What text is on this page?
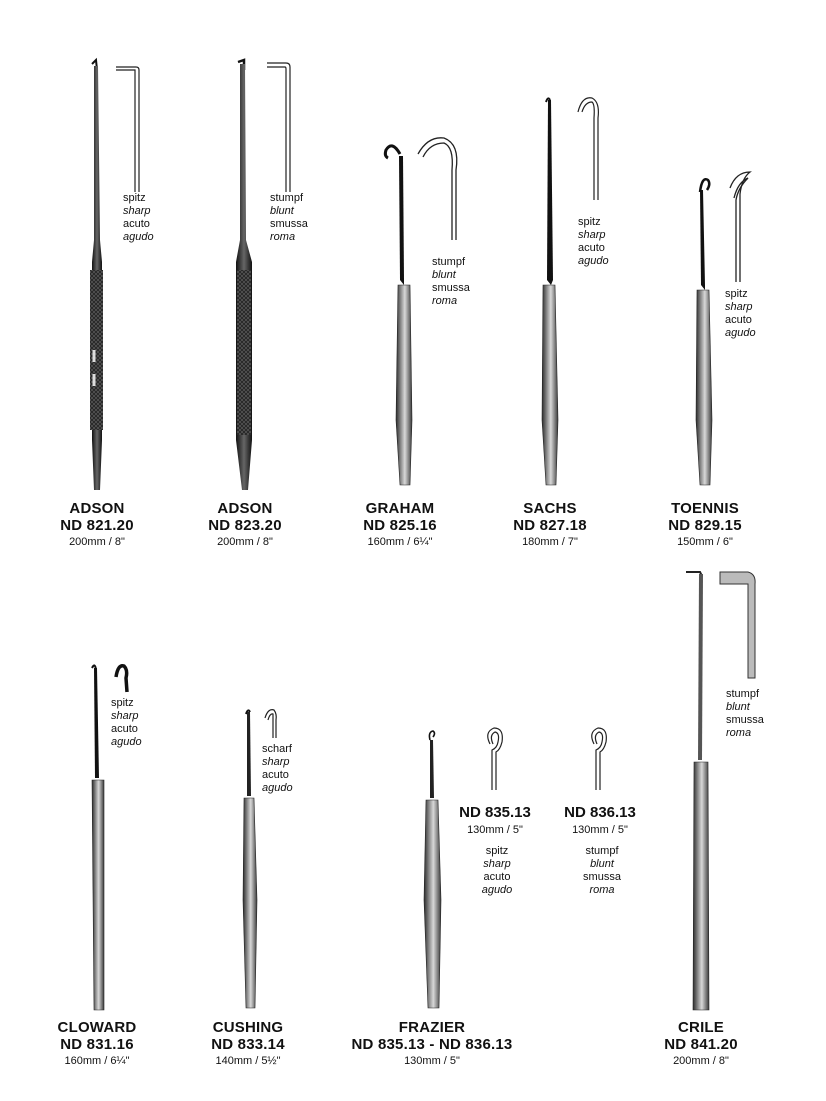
ADSON
ND 821.20
200mm / 8"
ADSON
ND 823.20
200mm / 8"
GRAHAM
ND 825.16
160mm / 6¼"
SACHS
ND 827.18
180mm / 7"
TOENNIS
ND 829.15
150mm / 6"
spitz
sharp
acuto
agudo
stumpf
blunt
smussa
roma
stumpf
blunt
smussa
roma
spitz
sharp
acuto
agudo
spitz
sharp
acuto
agudo
CLOWARD
ND 831.16
160mm / 6¼"
CUSHING
ND 833.14
140mm / 5½"
FRAZIER
ND 835.13 - ND 836.13
130mm / 5"
CRILE
ND 841.20
200mm / 8"
spitz
sharp
acuto
agudo
scharf
sharp
acuto
agudo
stumpf
blunt
smussa
roma
ND 835.13
130mm / 5"
spitz
sharp
acuto
agudo
ND 836.13
130mm / 5"
stumpf
blunt
smussa
roma
